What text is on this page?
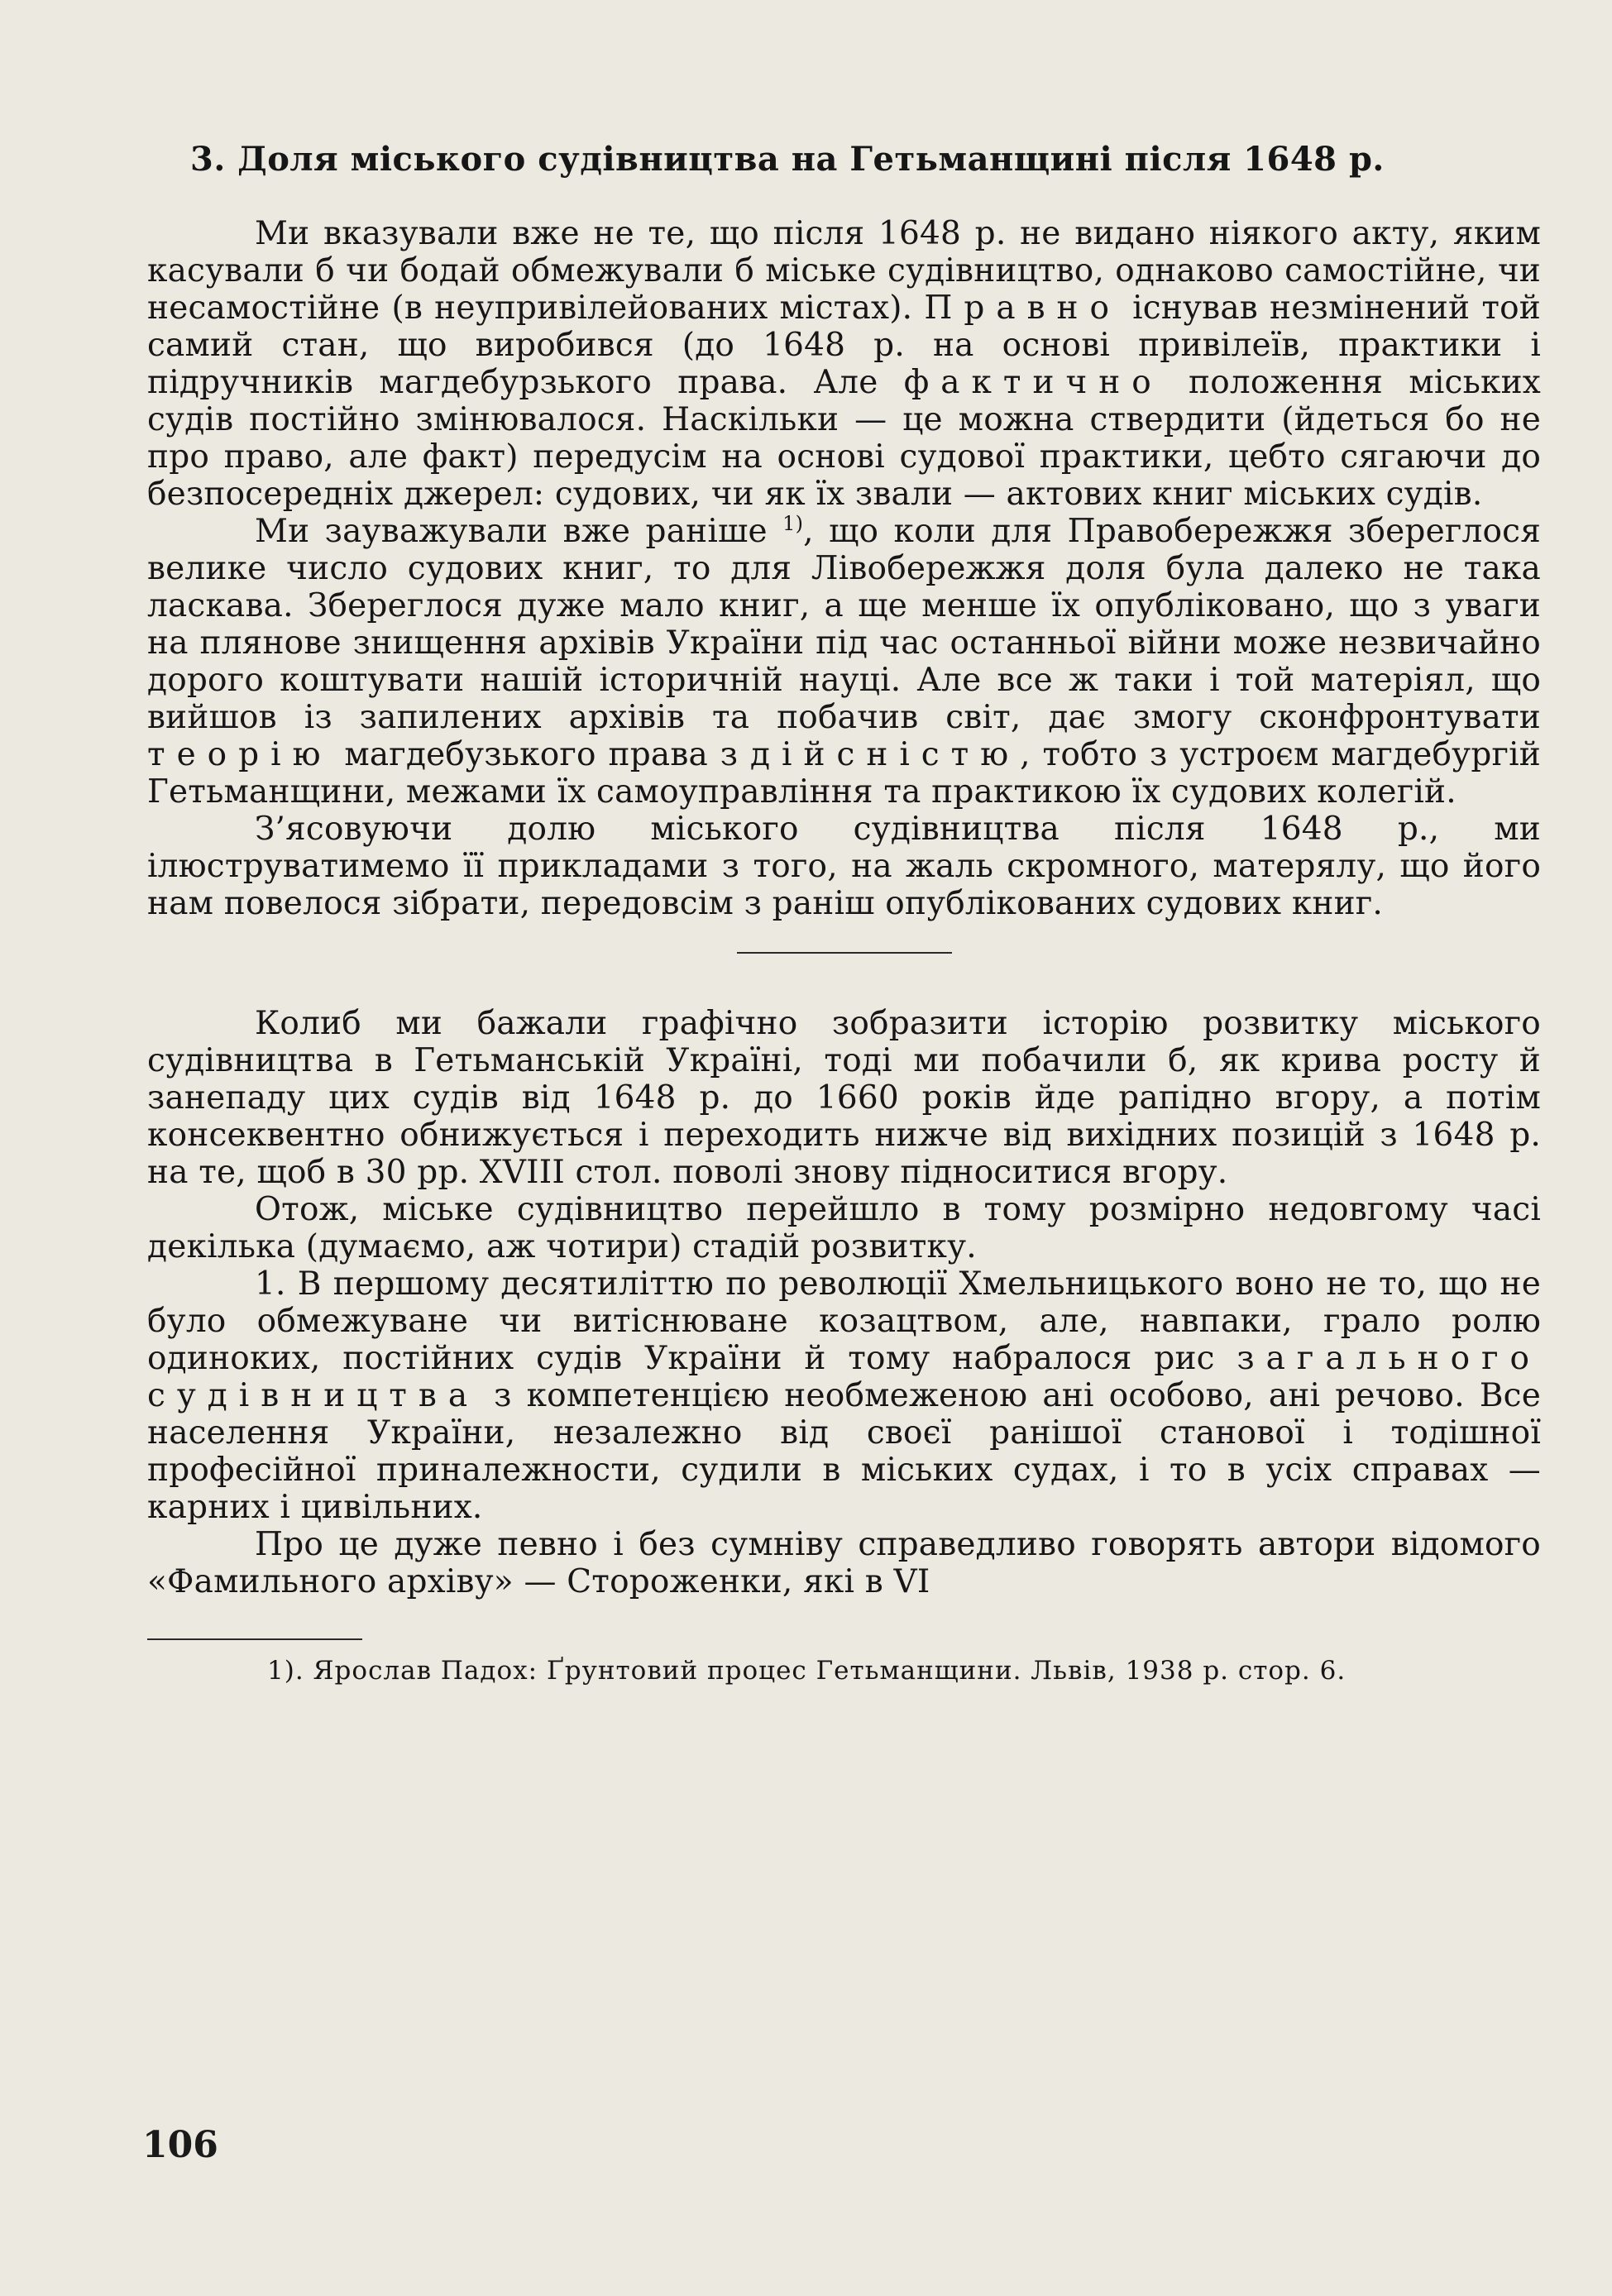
3. Доля міського судівництва на Гетьманщині після 1648 р.

Ми вказували вже не те, що після 1648 р. не видано ніякого акту, яким касували б чи бодай обмежували б міське судівництво, однаково самостійне, чи несамостійне (в неупривілейованих містах). Правно існував незмінений той самий стан, що виробився (до 1648 р. на основі привілеїв, практики і підручників магдебурзького права. Але фактично положення міських судів постійно змінювалося. Наскільки — це можна ствердити (йдеться бо не про право, але факт) передусім на основі судової практики, цебто сягаючи до безпосередніх джерел: судових, чи як їх звали — актових книг міських судів.

Ми зауважували вже раніше $^{1)}$, що коли для Правобережжя збереглося велике число судових книг, то для Лівобережжя доля була далеко не така ласкава. Збереглося дуже мало книг, а ще менше їх опубліковано, що з уваги на плянове знищення архівів України під час останньої війни може незвичайно дорого коштувати нашій історичній науці. Але все ж таки і той матеріял, що вийшов із запилених архівів та побачив світ, дає змогу сконфронтувати теорію магдебузького права з дійсністю, тобто з устроєм магдебургій Гетьманщини, межами їх самоуправління та практикою їх судових колегій.

З’ясовуючи долю міського судівництва після 1648 р., ми ілюструватимемо її прикладами з того, на жаль скромного, матерялу, що його нам повелося зібрати, передовсім з раніш опублікованих судових книг.

Колиб ми бажали графічно зобразити історію розвитку міського судівництва в Гетьманській Україні, тоді ми побачили б, як крива росту й занепаду цих судів від 1648 р. до 1660 років йде рапідно вгору, а потім консеквентно обнижується і переходить нижче від вихідних позицій з 1648 р. на те, щоб в 30 рр. XVIII стол. поволі знову підноситися вгору.

Отож, міське судівництво перейшло в тому розмірно недовгому часі декілька (думаємо, аж чотири) стадій розвитку.

1. В першому десятиліттю по революції Хмельницького воно не то, що не було обмежуване чи витіснюване козацтвом, але, навпаки, грало ролю одиноких, постійних судів України й тому набралося рис загального судівництва з компетенцією необмеженою ані особово, ані речово. Все населення України, незалежно від своєї ранішої станової і тодішної професійної приналежности, судили в міських судах, і то в усіх справах — карних і цивільних.

Про це дуже певно і без сумніву справедливо говорять автори відомого «Фамильного архіву» — Стороженки, які в VI

1). Ярослав Падох: Ґрунтовий процес Гетьманщини. Львів, 1938 р. стор. 6.

106
